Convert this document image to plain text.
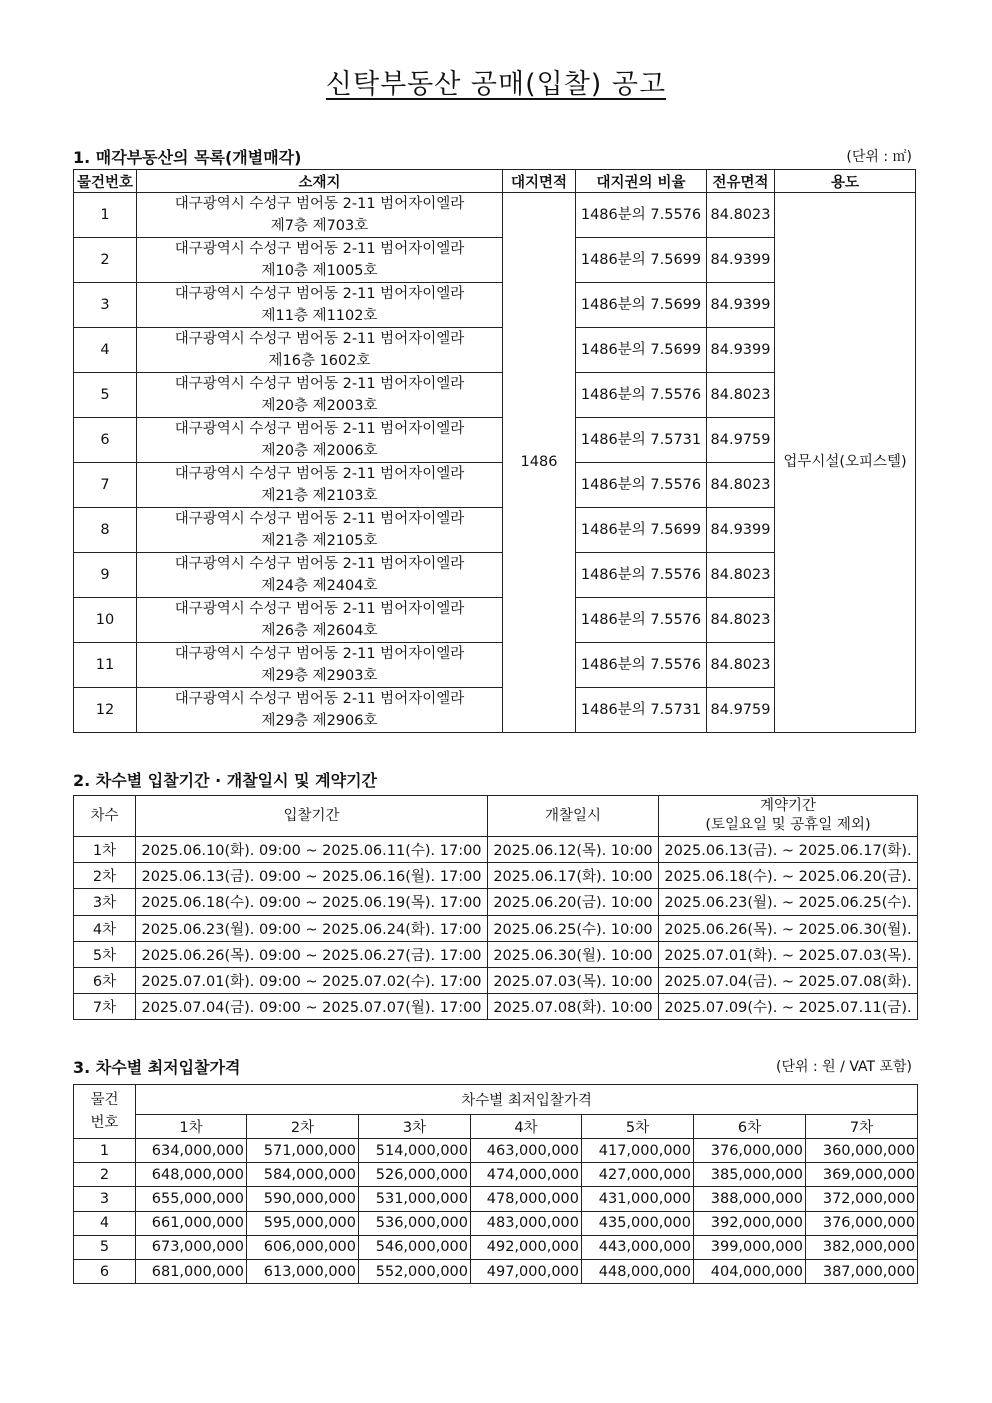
신탁부동산 공매(입찰) 공고
1. 매각부동산의 목록(개별매각)	(단위 : ㎡)
물건번호	소재지	대지면적	대지권의 비율	전유면적	용도
1	대구광역시 수성구 범어동 2-11 범어자이엘라
제7층 제703호	1486	1486분의 7.5576	84.8023	업무시설(오피스텔)
2	대구광역시 수성구 범어동 2-11 범어자이엘라
제10층 제1005호		1486분의 7.5699	84.9399	
3	대구광역시 수성구 범어동 2-11 범어자이엘라
제11층 제1102호		1486분의 7.5699	84.9399	
4	대구광역시 수성구 범어동 2-11 범어자이엘라
제16층 1602호		1486분의 7.5699	84.9399	
5	대구광역시 수성구 범어동 2-11 범어자이엘라
제20층 제2003호		1486분의 7.5576	84.8023	
6	대구광역시 수성구 범어동 2-11 범어자이엘라
제20층 제2006호		1486분의 7.5731	84.9759	
7	대구광역시 수성구 범어동 2-11 범어자이엘라
제21층 제2103호		1486분의 7.5576	84.8023	
8	대구광역시 수성구 범어동 2-11 범어자이엘라
제21층 제2105호		1486분의 7.5699	84.9399	
9	대구광역시 수성구 범어동 2-11 범어자이엘라
제24층 제2404호		1486분의 7.5576	84.8023	
10	대구광역시 수성구 범어동 2-11 범어자이엘라
제26층 제2604호		1486분의 7.5576	84.8023	
11	대구광역시 수성구 범어동 2-11 범어자이엘라
제29층 제2903호		1486분의 7.5576	84.8023	
12	대구광역시 수성구 범어동 2-11 범어자이엘라
제29층 제2906호		1486분의 7.5731	84.9759	
2. 차수별 입찰기간 · 개찰일시 및 계약기간
차수	입찰기간	개찰일시	계약기간
(토일요일 및 공휴일 제외)

1차	2025.06.10(화). 09:00 ~ 2025.06.11(수). 17:00	2025.06.12(목). 10:00	2025.06.13(금). ~ 2025.06.17(화).
2차	2025.06.13(금). 09:00 ~ 2025.06.16(월). 17:00	2025.06.17(화). 10:00	2025.06.18(수). ~ 2025.06.20(금).
3차	2025.06.18(수). 09:00 ~ 2025.06.19(목). 17:00	2025.06.20(금). 10:00	2025.06.23(월). ~ 2025.06.25(수).
4차	2025.06.23(월). 09:00 ~ 2025.06.24(화). 17:00	2025.06.25(수). 10:00	2025.06.26(목). ~ 2025.06.30(월).
5차	2025.06.26(목). 09:00 ~ 2025.06.27(금). 17:00	2025.06.30(월). 10:00	2025.07.01(화). ~ 2025.07.03(목).
6차	2025.07.01(화). 09:00 ~ 2025.07.02(수). 17:00	2025.07.03(목). 10:00	2025.07.04(금). ~ 2025.07.08(화).
7차	2025.07.04(금). 09:00 ~ 2025.07.07(월). 17:00	2025.07.08(화). 10:00	2025.07.09(수). ~ 2025.07.11(금).
3. 차수별 최저입찰가격	(단위 : 원 / VAT 포함)
물건
번호	차수별 최저입찰가격						
	1차	2차	3차	4차	5차	6차	7차
1	634,000,000	571,000,000	514,000,000	463,000,000	417,000,000	376,000,000	360,000,000
2	648,000,000	584,000,000	526,000,000	474,000,000	427,000,000	385,000,000	369,000,000
3	655,000,000	590,000,000	531,000,000	478,000,000	431,000,000	388,000,000	372,000,000
4	661,000,000	595,000,000	536,000,000	483,000,000	435,000,000	392,000,000	376,000,000
5	673,000,000	606,000,000	546,000,000	492,000,000	443,000,000	399,000,000	382,000,000
6	681,000,000	613,000,000	552,000,000	497,000,000	448,000,000	404,000,000	387,000,000
